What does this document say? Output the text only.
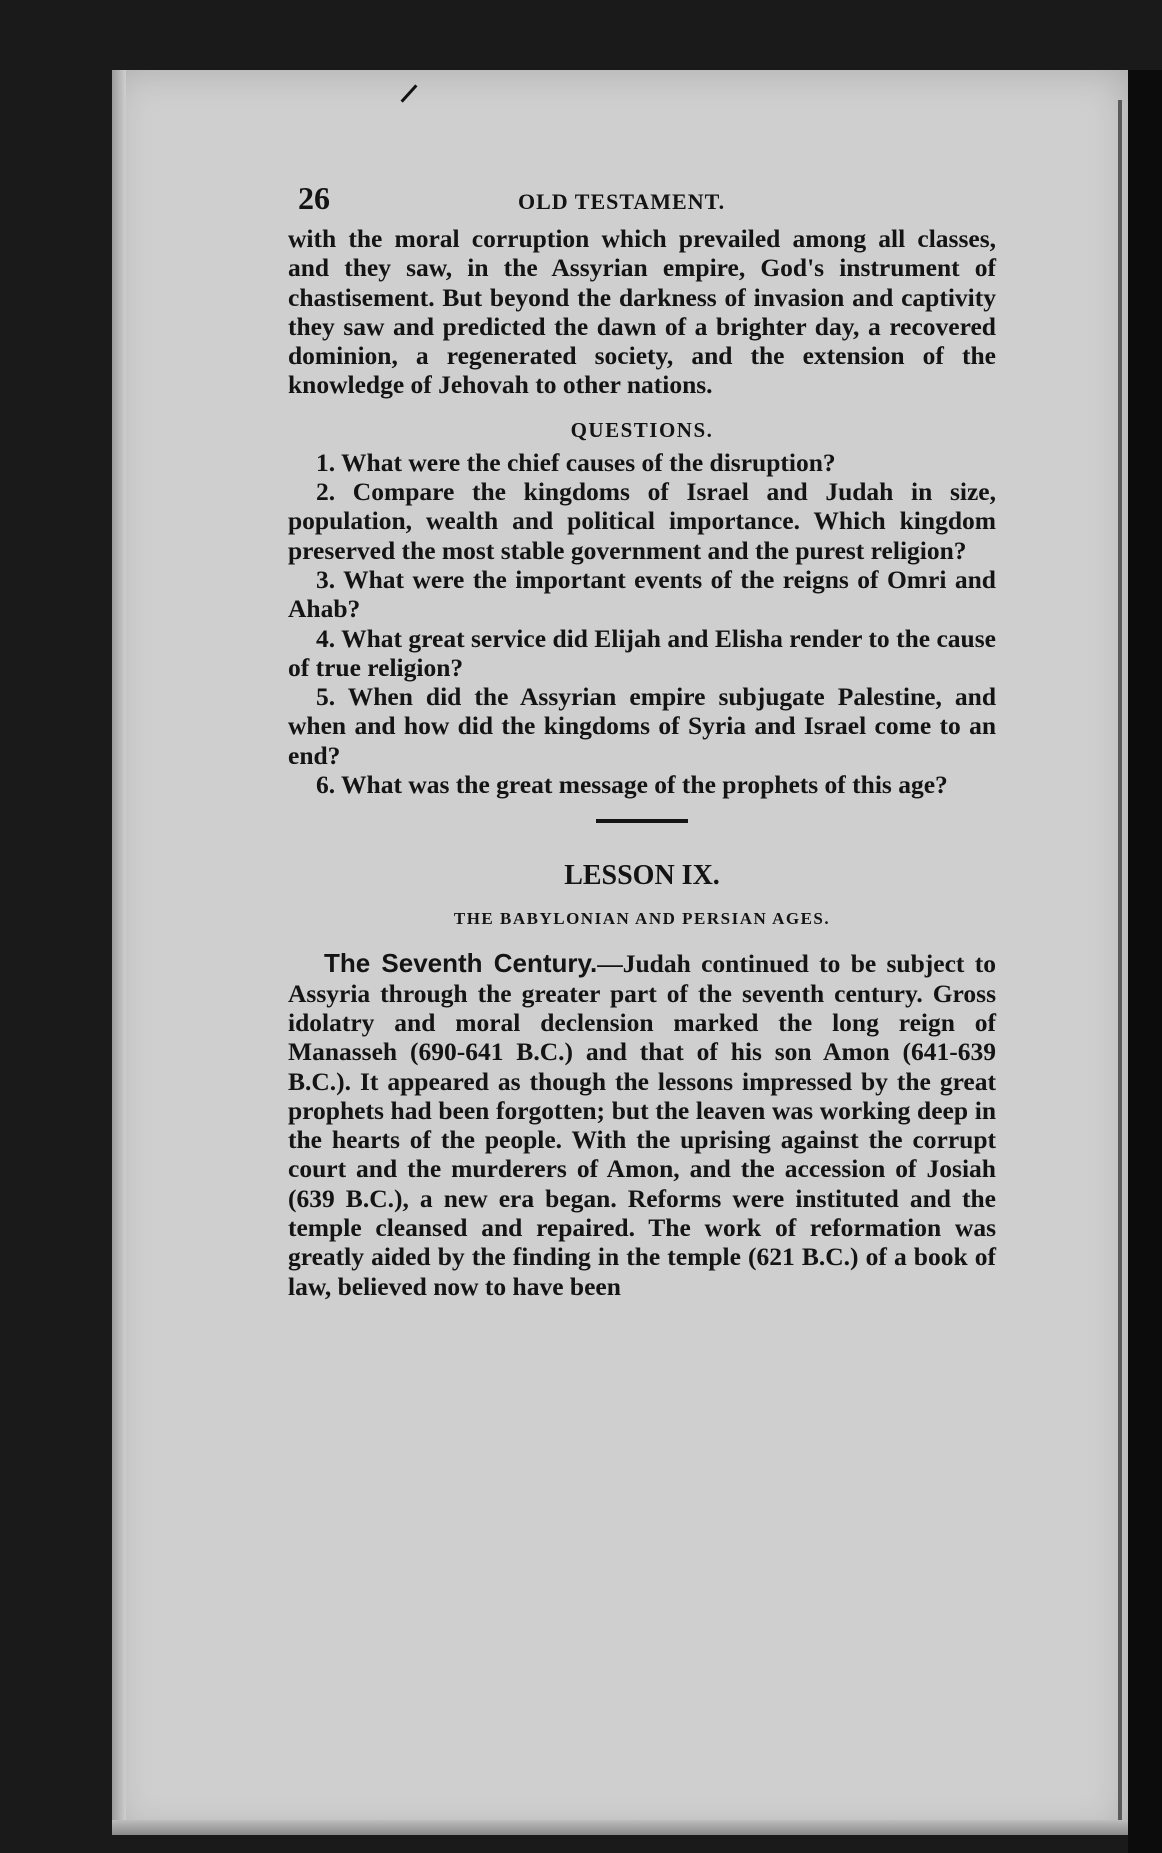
26	OLD TESTAMENT.

with the moral corruption which prevailed among all classes, and they saw, in the Assyrian empire, God's instrument of chastisement. But beyond the darkness of invasion and captivity they saw and predicted the dawn of a brighter day, a recovered dominion, a regenerated society, and the extension of the knowledge of Jehovah to other nations.

QUESTIONS.

1. What were the chief causes of the disruption?

2. Compare the kingdoms of Israel and Judah in size, population, wealth and political importance. Which kingdom preserved the most stable government and the purest religion?

3. What were the important events of the reigns of Omri and Ahab?

4. What great service did Elijah and Elisha render to the cause of true religion?

5. When did the Assyrian empire subjugate Palestine, and when and how did the kingdoms of Syria and Israel come to an end?

6. What was the great message of the prophets of this age?

LESSON IX.
THE BABYLONIAN AND PERSIAN AGES.

The Seventh Century.—Judah continued to be subject to Assyria through the greater part of the seventh century. Gross idolatry and moral declension marked the long reign of Manasseh (690-641 B.C.) and that of his son Amon (641-639 B.C.). It appeared as though the lessons impressed by the great prophets had been forgotten; but the leaven was working deep in the hearts of the people. With the uprising against the corrupt court and the murderers of Amon, and the accession of Josiah (639 B.C.), a new era began. Reforms were instituted and the temple cleansed and repaired. The work of reformation was greatly aided by the finding in the temple (621 B.C.) of a book of law, believed now to have been
